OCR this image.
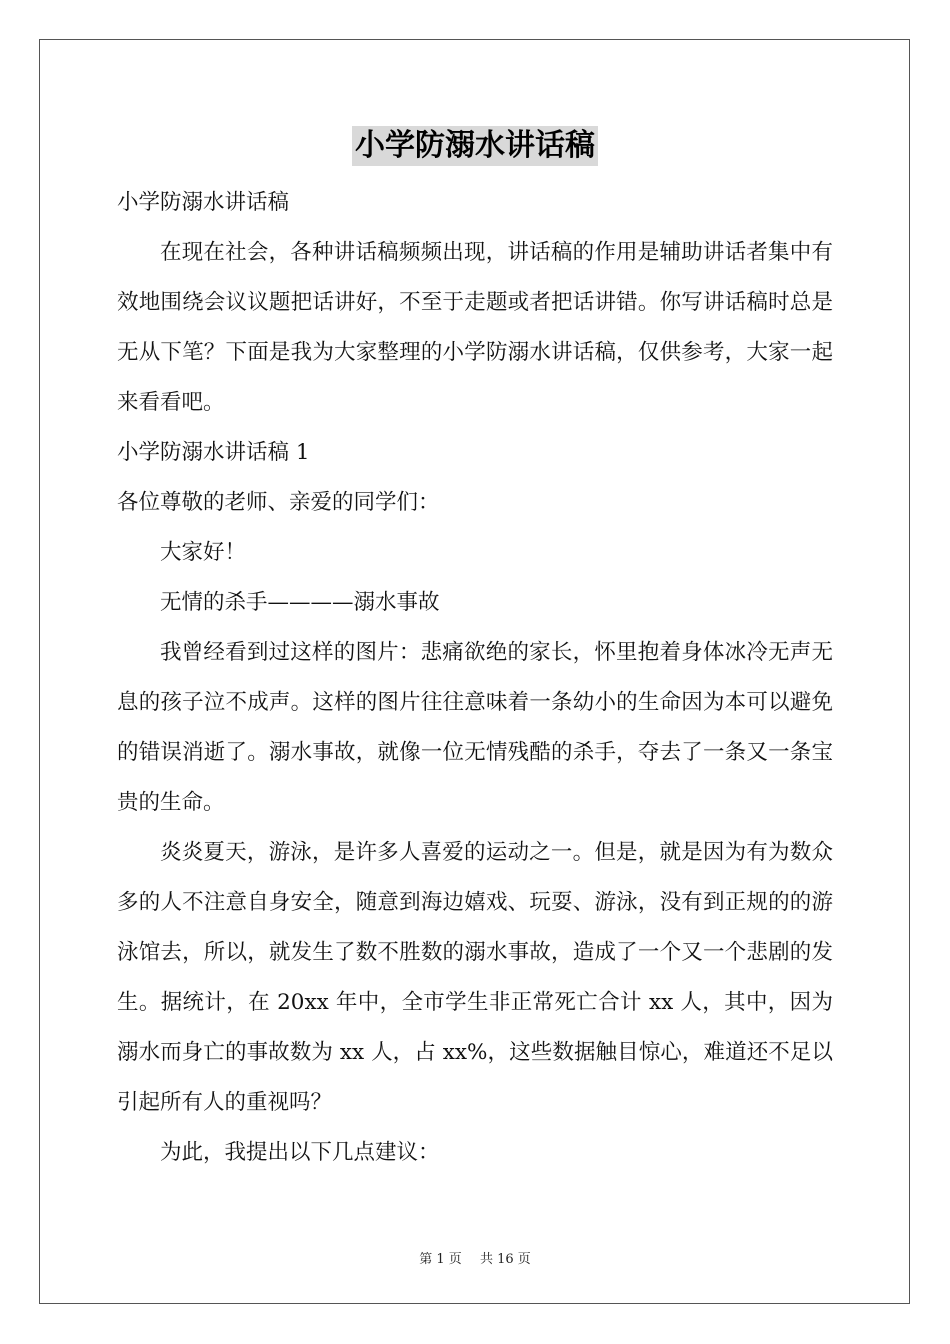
小学防溺水讲话稿

小学防溺水讲话稿

在现在社会，各种讲话稿频频出现，讲话稿的作用是辅助讲话者集中有效地围绕会议议题把话讲好，不至于走题或者把话讲错。你写讲话稿时总是无从下笔？下面是我为大家整理的小学防溺水讲话稿，仅供参考，大家一起来看看吧。

小学防溺水讲话稿 1

各位尊敬的老师、亲爱的同学们：

大家好！

无情的杀手————溺水事故

我曾经看到过这样的图片：悲痛欲绝的家长，怀里抱着身体冰冷无声无息的孩子泣不成声。这样的图片往往意味着一条幼小的生命因为本可以避免的错误消逝了。溺水事故，就像一位无情残酷的杀手，夺去了一条又一条宝贵的生命。

炎炎夏天，游泳，是许多人喜爱的运动之一。但是，就是因为有为数众多的人不注意自身安全，随意到海边嬉戏、玩耍、游泳，没有到正规的的游泳馆去，所以，就发生了数不胜数的溺水事故，造成了一个又一个悲剧的发生。据统计，在 20xx 年中，全市学生非正常死亡合计 xx 人，其中，因为溺水而身亡的事故数为 xx 人，占 xx%，这些数据触目惊心，难道还不足以引起所有人的重视吗？

为此，我提出以下几点建议：

第 1 页 共 16 页
